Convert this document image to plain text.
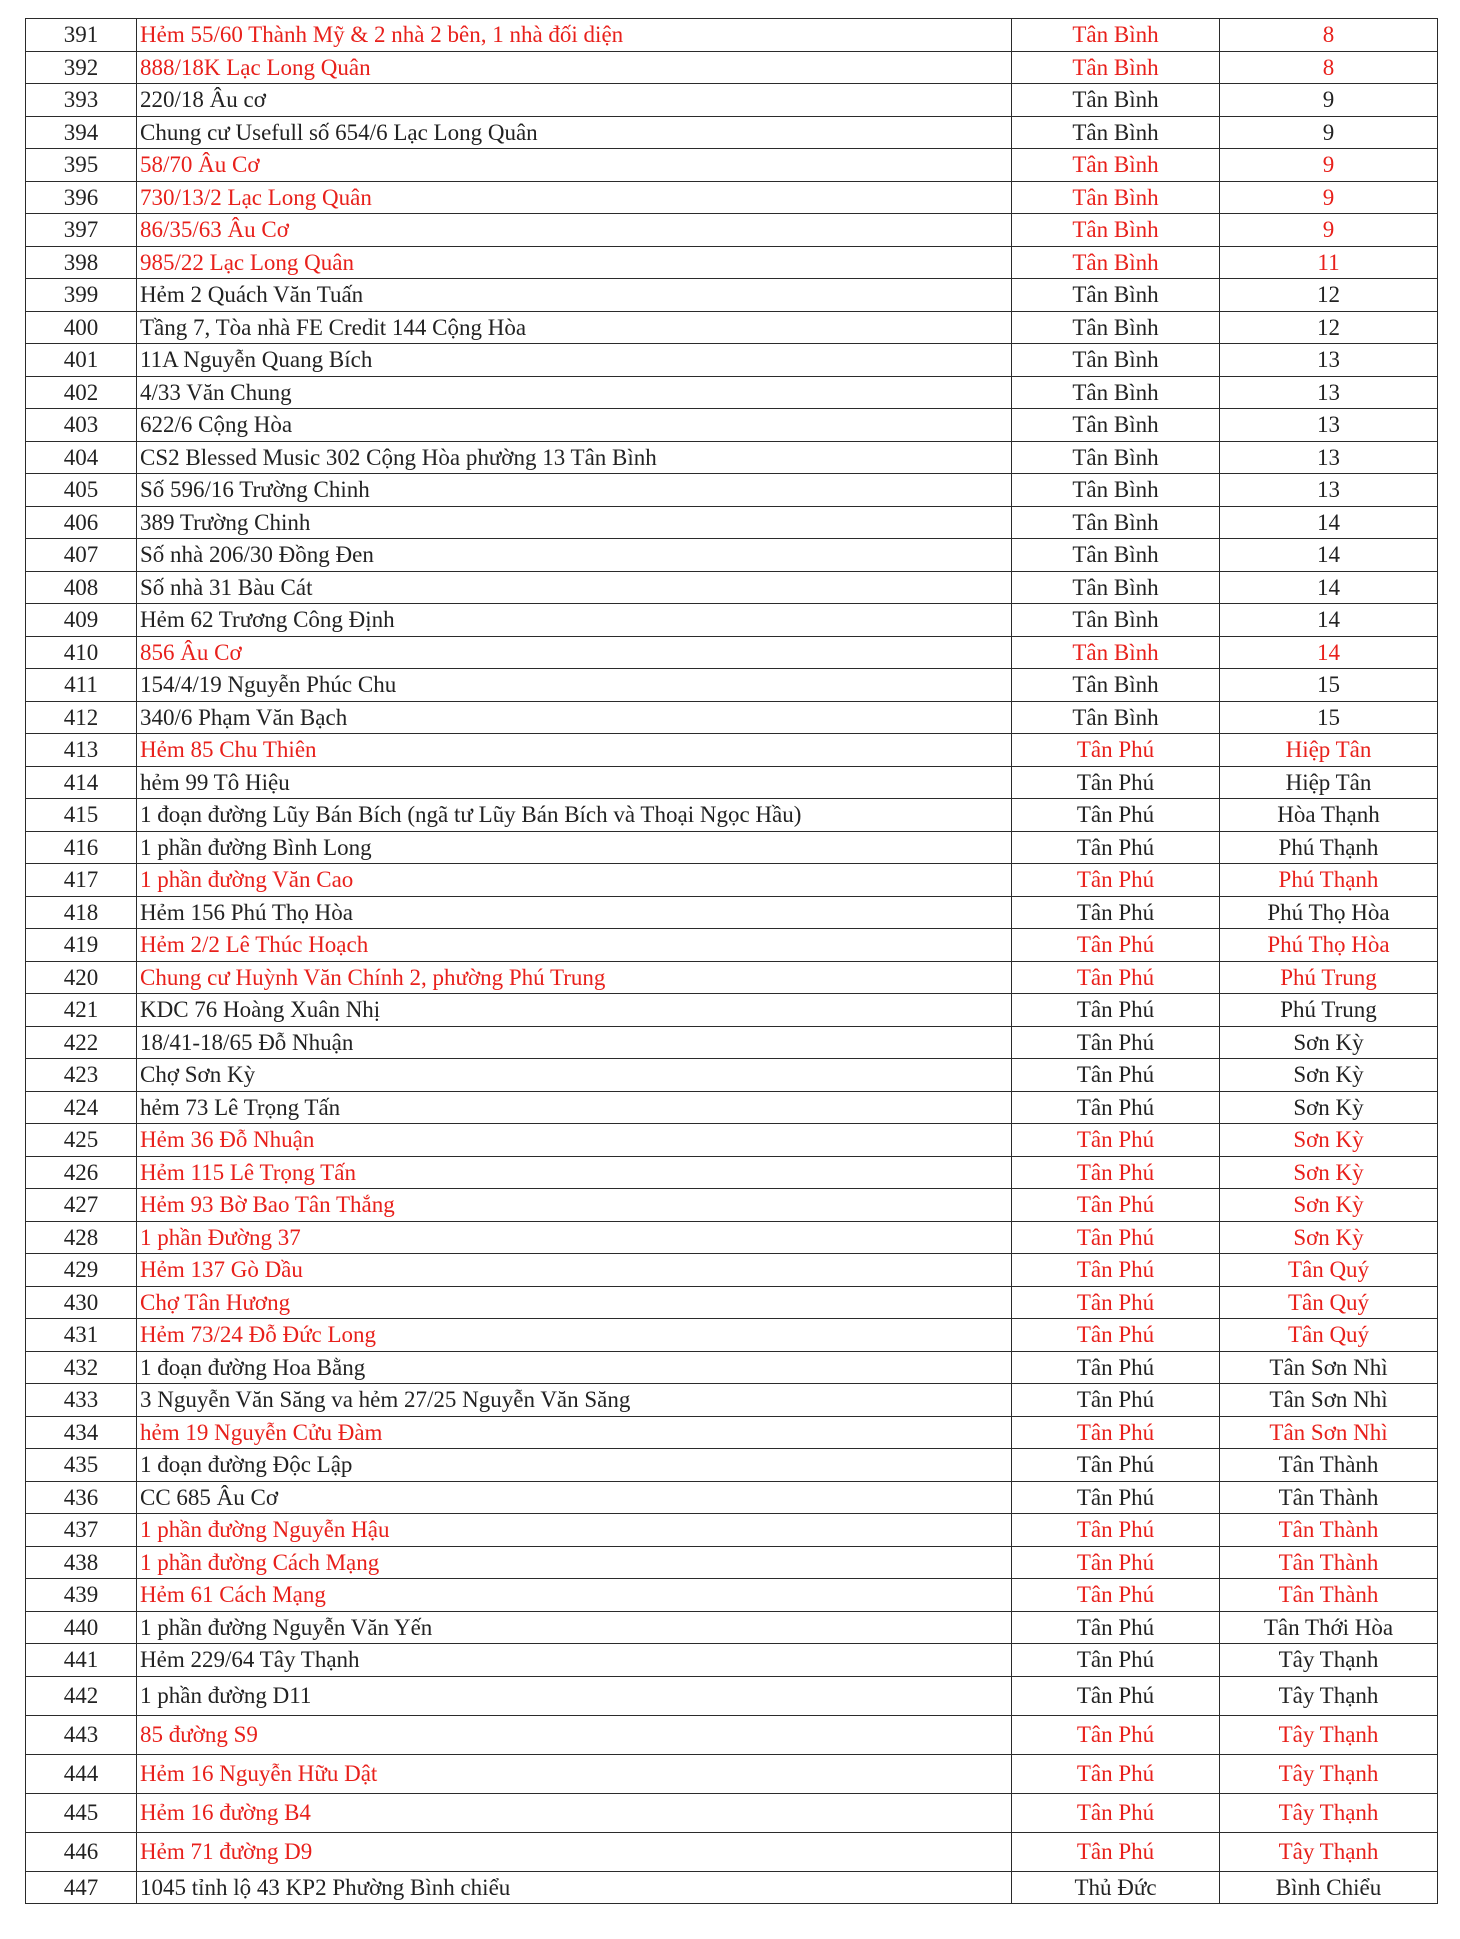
391	Hẻm 55/60 Thành Mỹ & 2 nhà 2 bên, 1 nhà đối diện	Tân Bình	8
392	888/18K Lạc Long Quân	Tân Bình	8
393	220/18 Âu cơ	Tân Bình	9
394	Chung cư Usefull số 654/6 Lạc Long Quân	Tân Bình	9
395	58/70 Âu Cơ	Tân Bình	9
396	730/13/2 Lạc Long Quân	Tân Bình	9
397	86/35/63 Âu Cơ	Tân Bình	9
398	985/22 Lạc Long Quân	Tân Bình	11
399	Hẻm 2 Quách Văn Tuấn	Tân Bình	12
400	Tầng 7, Tòa nhà FE Credit 144 Cộng Hòa	Tân Bình	12
401	11A Nguyễn Quang Bích	Tân Bình	13
402	4/33 Văn Chung	Tân Bình	13
403	622/6 Cộng Hòa	Tân Bình	13
404	CS2 Blessed Music 302 Cộng Hòa phường 13 Tân Bình	Tân Bình	13
405	Số 596/16 Trường Chinh	Tân Bình	13
406	389 Trường Chinh	Tân Bình	14
407	Số nhà 206/30 Đồng Đen	Tân Bình	14
408	Số nhà 31 Bàu Cát	Tân Bình	14
409	Hẻm 62 Trương Công Định	Tân Bình	14
410	856 Âu Cơ	Tân Bình	14
411	154/4/19 Nguyễn Phúc Chu	Tân Bình	15
412	340/6 Phạm Văn Bạch	Tân Bình	15
413	Hẻm 85 Chu Thiên	Tân Phú	Hiệp Tân
414	hẻm 99 Tô Hiệu	Tân Phú	Hiệp Tân
415	1 đoạn đường Lũy Bán Bích (ngã tư Lũy Bán Bích và Thoại Ngọc Hầu)	Tân Phú	Hòa Thạnh
416	1 phần đường Bình Long	Tân Phú	Phú Thạnh
417	1 phần đường Văn Cao	Tân Phú	Phú Thạnh
418	Hẻm 156 Phú Thọ Hòa	Tân Phú	Phú Thọ Hòa
419	Hẻm 2/2 Lê Thúc Hoạch	Tân Phú	Phú Thọ Hòa
420	Chung cư Huỳnh Văn Chính 2, phường Phú Trung	Tân Phú	Phú Trung
421	KDC 76 Hoàng Xuân Nhị	Tân Phú	Phú Trung
422	18/41-18/65 Đỗ Nhuận	Tân Phú	Sơn Kỳ
423	Chợ Sơn Kỳ	Tân Phú	Sơn Kỳ
424	hẻm 73 Lê Trọng Tấn	Tân Phú	Sơn Kỳ
425	Hẻm 36 Đỗ Nhuận	Tân Phú	Sơn Kỳ
426	Hẻm 115 Lê Trọng Tấn	Tân Phú	Sơn Kỳ
427	Hẻm 93 Bờ Bao Tân Thắng	Tân Phú	Sơn Kỳ
428	1 phần Đường 37	Tân Phú	Sơn Kỳ
429	Hẻm 137 Gò Dầu	Tân Phú	Tân Quý
430	Chợ Tân Hương	Tân Phú	Tân Quý
431	Hẻm 73/24 Đỗ Đức Long	Tân Phú	Tân Quý
432	1 đoạn đường Hoa Bằng	Tân Phú	Tân Sơn Nhì
433	3 Nguyễn Văn Săng va hẻm 27/25 Nguyễn Văn Săng	Tân Phú	Tân Sơn Nhì
434	hẻm 19 Nguyễn Cửu Đàm	Tân Phú	Tân Sơn Nhì
435	1 đoạn đường Độc Lập	Tân Phú	Tân Thành
436	CC 685 Âu Cơ	Tân Phú	Tân Thành
437	1 phần đường Nguyễn Hậu	Tân Phú	Tân Thành
438	1 phần đường Cách Mạng	Tân Phú	Tân Thành
439	Hẻm 61 Cách Mạng	Tân Phú	Tân Thành
440	1 phần đường Nguyễn Văn Yến	Tân Phú	Tân Thới Hòa
441	Hẻm 229/64 Tây Thạnh	Tân Phú	Tây Thạnh
442	1 phần đường D11	Tân Phú	Tây Thạnh
443	85 đường S9	Tân Phú	Tây Thạnh
444	Hẻm 16 Nguyễn Hữu Dật	Tân Phú	Tây Thạnh
445	Hẻm 16 đường B4	Tân Phú	Tây Thạnh
446	Hẻm 71 đường D9	Tân Phú	Tây Thạnh
447	1045 tỉnh lộ 43 KP2 Phường Bình chiểu	Thủ Đức	Bình Chiểu
